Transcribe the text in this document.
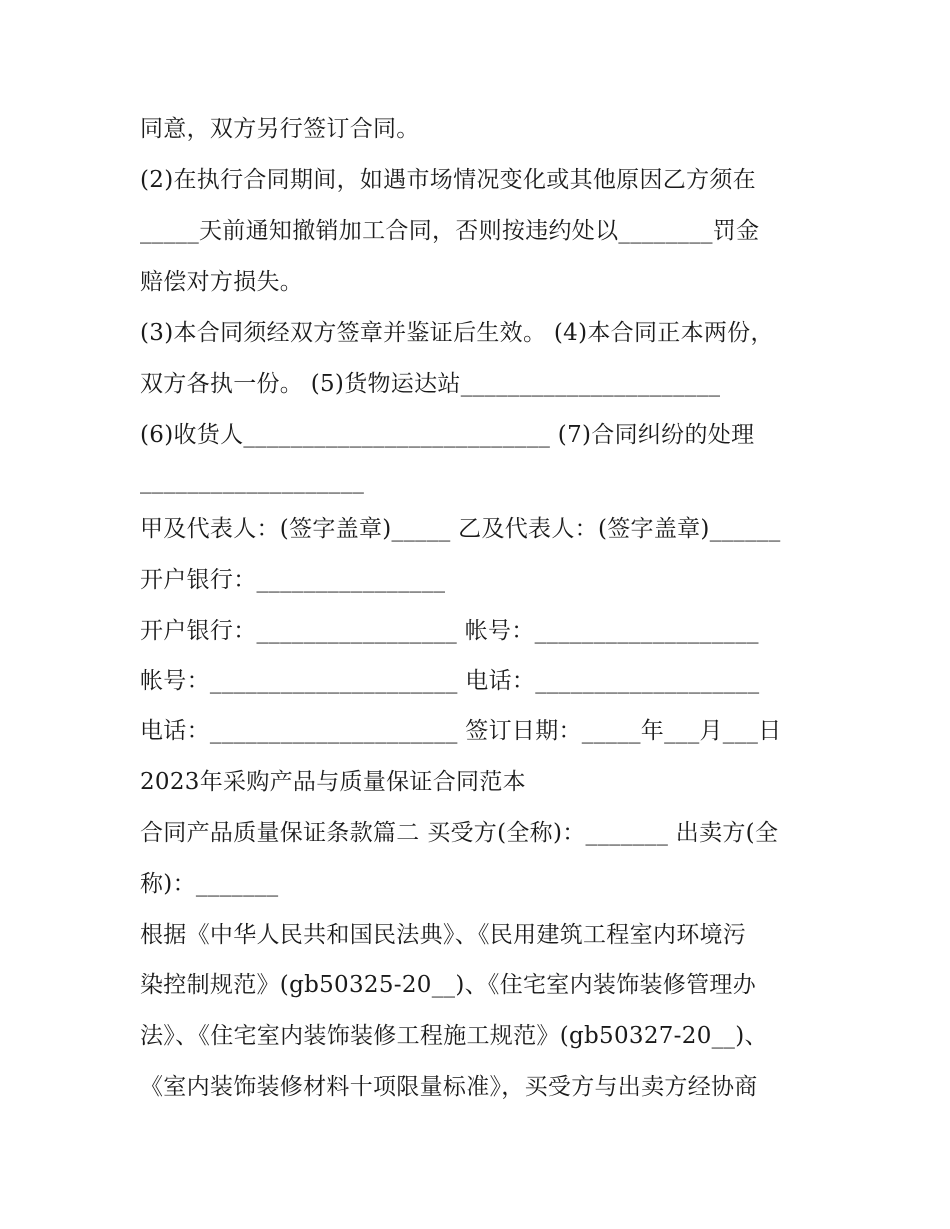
同意，双方另行签订合同。
(2)在执行合同期间，如遇市场情况变化或其他原因乙方须在
_____天前通知撤销加工合同，否则按违约处以________罚金
赔偿对方损失。
(3)本合同须经双方签章并鉴证后生效。 (4)本合同正本两份，
双方各执一份。 (5)货物运达站______________________
(6)收货人__________________________ (7)合同纠纷的处理
___________________
甲及代表人：(签字盖章)_____ 乙及代表人：(签字盖章)______
开户银行：________________
开户银行：_________________ 帐号：___________________
帐号：_____________________ 电话：___________________
电话：_____________________ 签订日期：_____年___月___日
2023年采购产品与质量保证合同范本
合同产品质量保证条款篇二 买受方(全称)：_______ 出卖方(全
称)：_______
根据《中华人民共和国民法典》、《民用建筑工程室内环境污
染控制规范》(gb50325-20__)、《住宅室内装饰装修管理办
法》、《住宅室内装饰装修工程施工规范》(gb50327-20__)、
《室内装饰装修材料十项限量标准》，买受方与出卖方经协商
